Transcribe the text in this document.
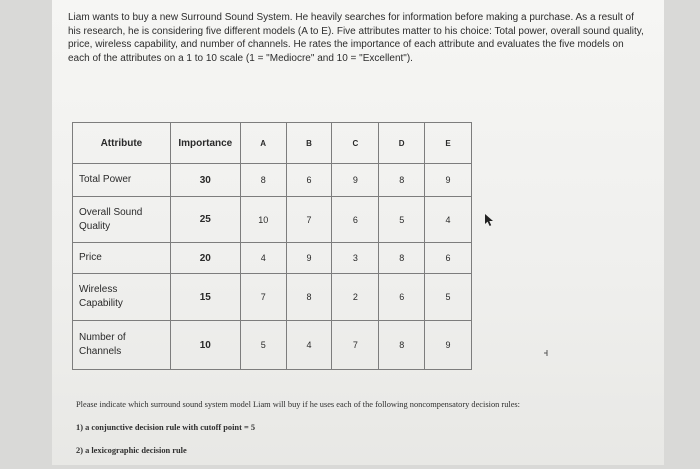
Liam wants to buy a new Surround Sound System. He heavily searches for information before making a purchase. As a result of his research, he is considering five different models (A to E). Five attributes matter to his choice: Total power, overall sound quality, price, wireless capability, and number of channels. He rates the importance of each attribute and evaluates the five models on each of the attributes on a 1 to 10 scale (1 = "Mediocre" and 10 = "Excellent").

Attribute	Importance	A	B	C	D	E
Total Power	30	8	6	9	8	9
Overall Sound Quality	25	10	7	6	5	4
Price	20	4	9	3	8	6
Wireless Capability	15	7	8	2	6	5
Number of Channels	10	5	4	7	8	9

Please indicate which surround sound system model Liam will buy if he uses each of the following noncompensatory decision rules:

1) a conjunctive decision rule with cutoff point = 5

2) a lexicographic decision rule
